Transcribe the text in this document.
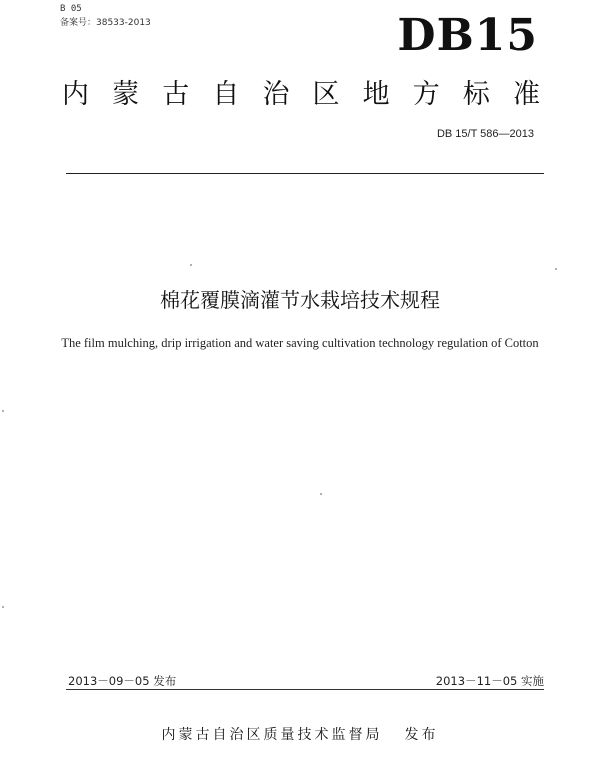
B 05
备案号：38533-2013	DB15
内 蒙 古 自 治 区 地 方 标 准
DB 15/T 586—2013
棉花覆膜滴灌节水栽培技术规程
The film mulching, drip irrigation and water saving cultivation technology regulation of Cotton
2013－09－05 发布	2013－11－05 实施
内蒙古自治区质量技术监督局 发布
